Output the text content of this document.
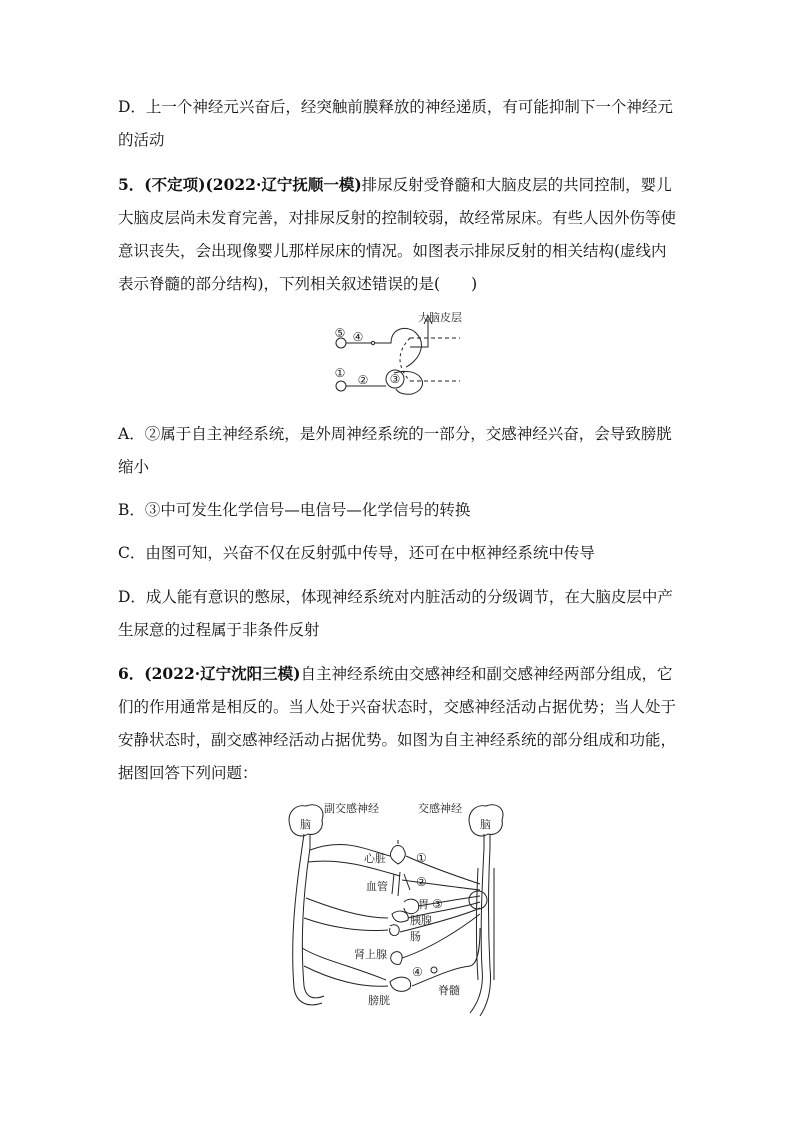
D．上一个神经元兴奋后，经突触前膜释放的神经递质，有可能抑制下一个神经元的活动
5．(不定项)(2022·辽宁抚顺一模)排尿反射受脊髓和大脑皮层的共同控制，婴儿大脑皮层尚未发育完善，对排尿反射的控制较弱，故经常尿床。有些人因外伤等使意识丧失，会出现像婴儿那样尿床的情况。如图表示排尿反射的相关结构(虚线内表示脊髓的部分结构)，下列相关叙述错误的是(　　)
⑤ ④
大脑皮层
① ② ③
A．②属于自主神经系统，是外周神经系统的一部分，交感神经兴奋，会导致膀胱缩小
B．③中可发生化学信号—电信号—化学信号的转换
C．由图可知，兴奋不仅在反射弧中传导，还可在中枢神经系统中传导
D．成人能有意识的憋尿，体现神经系统对内脏活动的分级调节，在大脑皮层中产生尿意的过程属于非条件反射
6．(2022·辽宁沈阳三模)自主神经系统由交感神经和副交感神经两部分组成，它们的作用通常是相反的。当人处于兴奋状态时，交感神经活动占据优势；当人处于安静状态时，副交感神经活动占据优势。如图为自主神经系统的部分组成和功能，据图回答下列问题：
副交感神经	交感神经
脑	脑
心脏
血管
胃
胰腺
肠
肾上腺
膀胱
脊髓
①
②
③
④
